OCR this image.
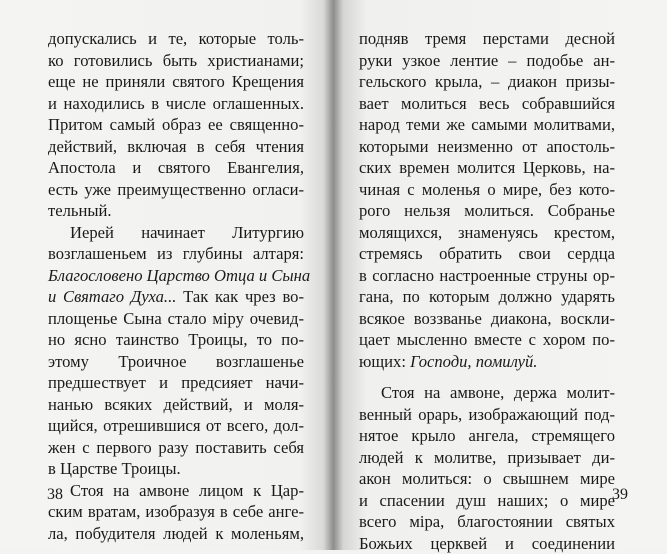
допускались и те, которые толь-
ко готовились быть христианами;
еще не приняли святого Крещения
и находились в числе оглашенных.
Притом самый образ ее священно-
действий, включая в себя чтения
Апостола и святого Евангелия,
есть уже преимущественно огласи-
тельный.
Иерей начинает Литургию
возглашеньем из глубины алтаря:
Благословено Царство Отца и Сына
и Святаго Духа... Так как чрез во-
площенье Сына стало міру очевид-
но ясно таинство Троицы, то по-
этому Троичное возглашенье
предшествует и предсияет начи-
нанью всяких действий, и моля-
щийся, отрешившися от всего, дол-
жен с первого разу поставить себя
в Царстве Троицы.
Стоя на амвоне лицом к Цар-
ским вратам, изобразуя в себе анге-
ла, побудителя людей к моленьям,
38
подняв тремя перстами десной
руки узкое лентие – подобье ан-
гельского крыла, – диакон призы-
вает молиться весь собравшийся
народ теми же самыми молитвами,
которыми неизменно от апостоль-
ских времен молится Церковь, на-
чиная с моленья о мире, без кото-
рого нельзя молиться. Собранье
молящихся, знаменуясь крестом,
стремясь обратить свои сердца
в согласно настроенные струны ор-
гана, по которым должно ударять
всякое воззванье диакона, воскли-
цает мысленно вместе с хором по-
ющих: Господи, помилуй.
Стоя на амвоне, держа молит-
венный орарь, изображающий под-
нятое крыло ангела, стремящего
людей к молитве, призывает ди-
акон молиться: о свышнем мире
и спасении душ наших; о мире
всего міра, благостоянии святых
Божьих церквей и соединении
39
